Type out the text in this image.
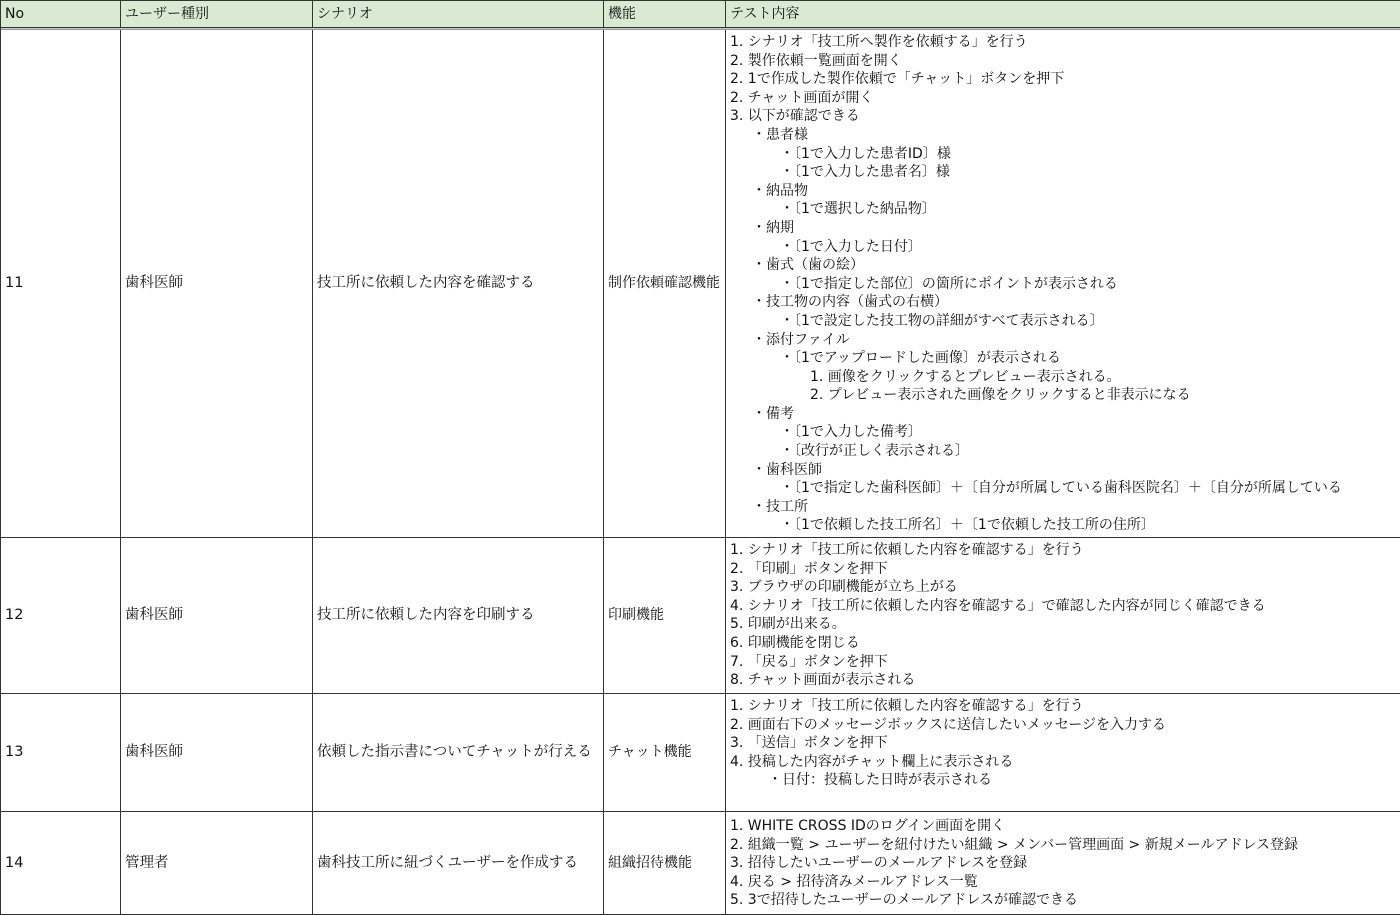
No	ユーザー種別	シナリオ	機能	テスト内容
11	歯科医師	技工所に依頼した内容を確認する	制作依頼確認機能
1. シナリオ「技工所へ製作を依頼する」を行う
2. 製作依頼一覧画面を開く
2. 1で作成した製作依頼で「チャット」ボタンを押下
2. チャット画面が開く
3. 以下が確認できる
・患者様
・〔1で入力した患者ID〕様
・〔1で入力した患者名〕様
・納品物
・〔1で選択した納品物〕
・納期
・〔1で入力した日付〕
・歯式（歯の絵）
・〔1で指定した部位〕の箇所にポイントが表示される
・技工物の内容（歯式の右横）
・〔1で設定した技工物の詳細がすべて表示される〕
・添付ファイル
・〔1でアップロードした画像〕が表示される
1. 画像をクリックするとプレビュー表示される。
2. プレビュー表示された画像をクリックすると非表示になる
・備考
・〔1で入力した備考〕
・〔改行が正しく表示される〕
・歯科医師
・〔1で指定した歯科医師〕＋〔自分が所属している歯科医院名〕＋〔自分が所属している
・技工所
・〔1で依頼した技工所名〕＋〔1で依頼した技工所の住所〕
12	歯科医師	技工所に依頼した内容を印刷する	印刷機能
1. シナリオ「技工所に依頼した内容を確認する」を行う
2. 「印刷」ボタンを押下
3. ブラウザの印刷機能が立ち上がる
4. シナリオ「技工所に依頼した内容を確認する」で確認した内容が同じく確認できる
5. 印刷が出来る。
6. 印刷機能を閉じる
7. 「戻る」ボタンを押下
8. チャット画面が表示される
13	歯科医師	依頼した指示書についてチャットが行える	チャット機能
1. シナリオ「技工所に依頼した内容を確認する」を行う
2. 画面右下のメッセージボックスに送信したいメッセージを入力する
3. 「送信」ボタンを押下
4. 投稿した内容がチャット欄上に表示される
・日付：投稿した日時が表示される
14	管理者	歯科技工所に紐づくユーザーを作成する	組織招待機能
1. WHITE CROSS IDのログイン画面を開く
2. 組織一覧 > ユーザーを紐付けたい組織 > メンバー管理画面 > 新規メールアドレス登録
3. 招待したいユーザーのメールアドレスを登録
4. 戻る > 招待済みメールアドレス一覧
5. 3で招待したユーザーのメールアドレスが確認できる
